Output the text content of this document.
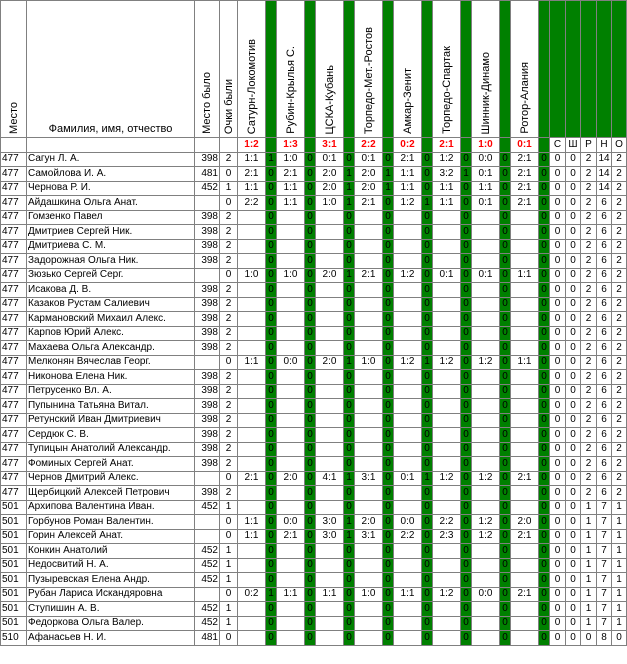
Место	Фамилия, имя, отчество	Место было	Очки были	Сатурн-Локомотив		Рубин-Крылья С.		ЦСКА-Кубань		Торпедо-Мет.-Ростов		Амкар-Зенит		Торпедо-Спартак		Шинник-Динамо		Ротор-Алания						

				1:2		1:3		3:1		2:2		0:2		2:1		1:0		0:1		С	Ш	Р	Н	О
477	Сагун Л. А.	398	2	1:1	1	1:0	0	0:1	0	0:1	0	2:1	0	1:2	0	0:0	0	2:1	0	0	0	2	14	2
477	Самойлова И. А.	481	0	2:1	0	2:1	0	2:0	1	2:0	1	1:1	0	3:2	1	0:1	0	2:1	0	0	0	2	14	2
477	Чернова Р. И.	452	1	1:1	0	1:1	0	2:0	1	2:0	1	1:1	0	1:1	0	1:1	0	2:1	0	0	0	2	14	2
477	Айдашкина Ольга Анат.		0	2:2	0	1:1	0	1:0	1	2:1	0	1:2	1	1:1	0	0:1	0	2:1	0	0	0	2	6	2
477	Гомзенко Павел	398	2		0		0		0		0		0		0		0		0	0	0	2	6	2
477	Дмитриев Сергей Ник.	398	2		0		0		0		0		0		0		0		0	0	0	2	6	2
477	Дмитриева С. М.	398	2		0		0		0		0		0		0		0		0	0	0	2	6	2
477	Задорожная Ольга Ник.	398	2		0		0		0		0		0		0		0		0	0	0	2	6	2
477	Зюзько Сергей Серг.		0	1:0	0	1:0	0	2:0	1	2:1	0	1:2	0	0:1	0	0:1	0	1:1	0	0	0	2	6	2
477	Исакова Д. В.	398	2		0		0		0		0		0		0		0		0	0	0	2	6	2
477	Казаков Рустам Салиевич	398	2		0		0		0		0		0		0		0		0	0	0	2	6	2
477	Кармановский Михаил Алекс.	398	2		0		0		0		0		0		0		0		0	0	0	2	6	2
477	Карпов Юрий Алекс.	398	2		0		0		0		0		0		0		0		0	0	0	2	6	2
477	Махаева Ольга Александр.	398	2		0		0		0		0		0		0		0		0	0	0	2	6	2
477	Мелконян Вячеслав Георг.		0	1:1	0	0:0	0	2:0	1	1:0	0	1:2	1	1:2	0	1:2	0	1:1	0	0	0	2	6	2
477	Никонова Елена Ник.	398	2		0		0		0		0		0		0		0		0	0	0	2	6	2
477	Петрусенко Вл. А.	398	2		0		0		0		0		0		0		0		0	0	0	2	6	2
477	Пупынина Татьяна Витал.	398	2		0		0		0		0		0		0		0		0	0	0	2	6	2
477	Ретунский Иван Дмитриевич	398	2		0		0		0		0		0		0		0		0	0	0	2	6	2
477	Сердюк С. В.	398	2		0		0		0		0		0		0		0		0	0	0	2	6	2
477	Тупицын Анатолий Александр.	398	2		0		0		0		0		0		0		0		0	0	0	2	6	2
477	Фоминых Сергей Анат.	398	2		0		0		0		0		0		0		0		0	0	0	2	6	2
477	Чернов Дмитрий Алекс.		0	2:1	0	2:0	0	4:1	1	3:1	0	0:1	1	1:2	0	1:2	0	2:1	0	0	0	2	6	2
477	Щербицкий Алексей Петрович	398	2		0		0		0		0		0		0		0		0	0	0	2	6	2
501	Архипова Валентина Иван.	452	1		0		0		0		0		0		0		0		0	0	0	1	7	1
501	Горбунов Роман Валентин.		0	1:1	0	0:0	0	3:0	1	2:0	0	0:0	0	2:2	0	1:2	0	2:0	0	0	0	1	7	1
501	Горин Алексей Анат.		0	1:1	0	2:1	0	3:0	1	3:1	0	2:2	0	2:3	0	1:2	0	2:1	0	0	0	1	7	1
501	Конкин Анатолий	452	1		0		0		0		0		0		0		0		0	0	0	1	7	1
501	Недосвитий Н. А.	452	1		0		0		0		0		0		0		0		0	0	0	1	7	1
501	Пузыревская Елена Андр.	452	1		0		0		0		0		0		0		0		0	0	0	1	7	1
501	Рубан Лариса Искандяровна		0	0:2	1	1:1	0	1:1	0	1:0	0	1:1	0	1:2	0	0:0	0	2:1	0	0	0	1	7	1
501	Ступишин А. В.	452	1		0		0		0		0		0		0		0		0	0	0	1	7	1
501	Федоркова Ольга Валер.	452	1		0		0		0		0		0		0		0		0	0	0	1	7	1
510	Афанасьев Н. И.	481	0		0		0		0		0		0		0		0		0	0	0	0	8	0
